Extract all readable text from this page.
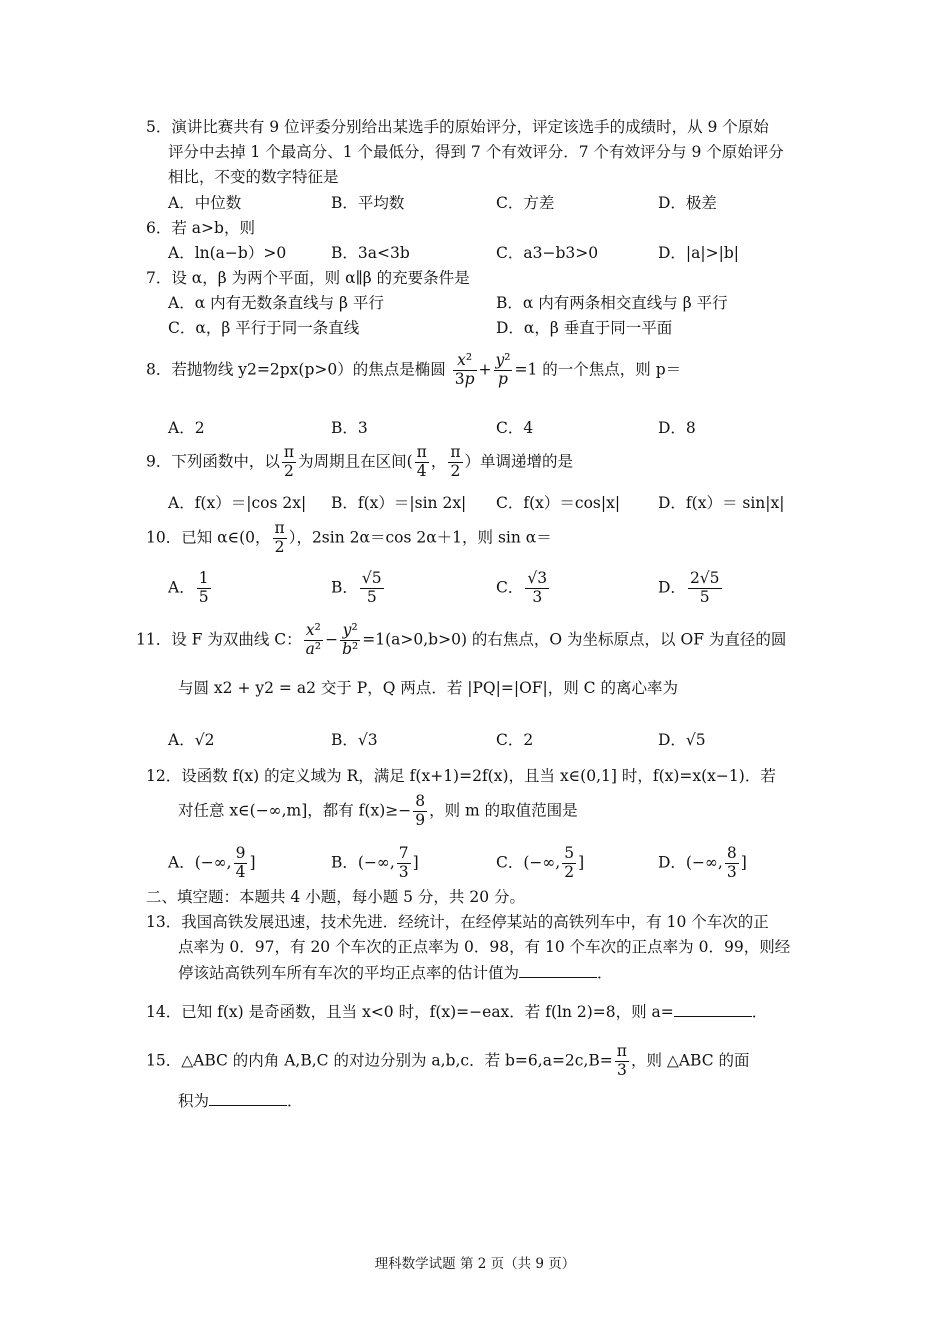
5．演讲比赛共有 9 位评委分别给出某选手的原始评分，评定该选手的成绩时，从 9 个原始
评分中去掉 1 个最高分、1 个最低分，得到 7 个有效评分．7 个有效评分与 9 个原始评分
相比，不变的数字特征是
A．中位数	B．平均数	C．方差	D．极差
6．若 a>b，则
A．ln(a−b）>0	B．3a<3b	C．a3−b3>0	D．|a|>|b|
7．设 α，β 为两个平面，则 α∥β 的充要条件是
A．α 内有无数条直线与 β 平行	B．α 内有两条相交直线与 β 平行
C．α，β 平行于同一条直线	D．α，β 垂直于同一平面
8．若抛物线 y2=2px(p>0）的焦点是椭圆 $\frac{\text{x²}}{3p} + \frac{\text{y²}}{p} =1$ 的一个焦点，则 p＝
A．2	B．3	C．4	D．8
9．下列函数中，以 $\frac{\pi}{2}$ 为周期且在区间( $\frac{\pi}{4}$ ， $\frac{\pi}{2}$ ）单调递增的是
A．f(x）＝|cos 2x| B．f(x）＝|sin 2x| C．f(x）＝cos|x| D．f(x）＝ sin|x|
10．已知 α∈(0， $\frac{\pi}{2}$ ），2sin 2α＝cos 2α＋1，则 sin α＝
A． $\frac{1}{5}$	B． $\frac{√5}{5}$	C． $\frac{√3}{3}$	D． $\frac{2√5}{5}$
11．设 F 为双曲线 C： $\frac{\text{x²}}{\text{a²}} - \frac{\text{y²}}{\text{b²}} =1(a>0,b>0)$ 的右焦点，O 为坐标原点，以 OF 为直径的圆
与圆 x2 + y2 = a2 交于 P，Q 两点．若 |PQ|=|OF|，则 C 的离心率为
A．√2	B．√3	C．2	D．√5
12．设函数 f(x) 的定义域为 R，满足 f(x+1)=2f(x)，且当 x∈(0,1] 时，f(x)=x(x−1)．若
对任意 x∈(−∞,m]，都有 $f(x)\ge- \frac{8}{9}$ ，则 m 的取值范围是
A．(−∞, $\frac{9}{4}$ ]	B．(−∞, $\frac{7}{3}$ ]	C．(−∞, $\frac{5}{2}$ ]	D．(−∞, $\frac{8}{3}$ ]
二、填空题：本题共 4 小题，每小题 5 分，共 20 分。
13．我国高铁发展迅速，技术先进．经统计，在经停某站的高铁列车中，有 10 个车次的正
点率为 0．97，有 20 个车次的正点率为 0．98，有 10 个车次的正点率为 0．99，则经
停该站高铁列车所有车次的平均正点率的估计值为	．
14．已知 f(x) 是奇函数，且当 x<0 时，f(x)=−eax．若 f(ln 2)=8，则 a=	．
15．△ABC 的内角 A,B,C 的对边分别为 a,b,c．若 $b=6,a=2c,B= \frac{\pi}{3}$ ，则 △ABC 的面
积为	．
理科数学试题 第 2 页（共 9 页）
